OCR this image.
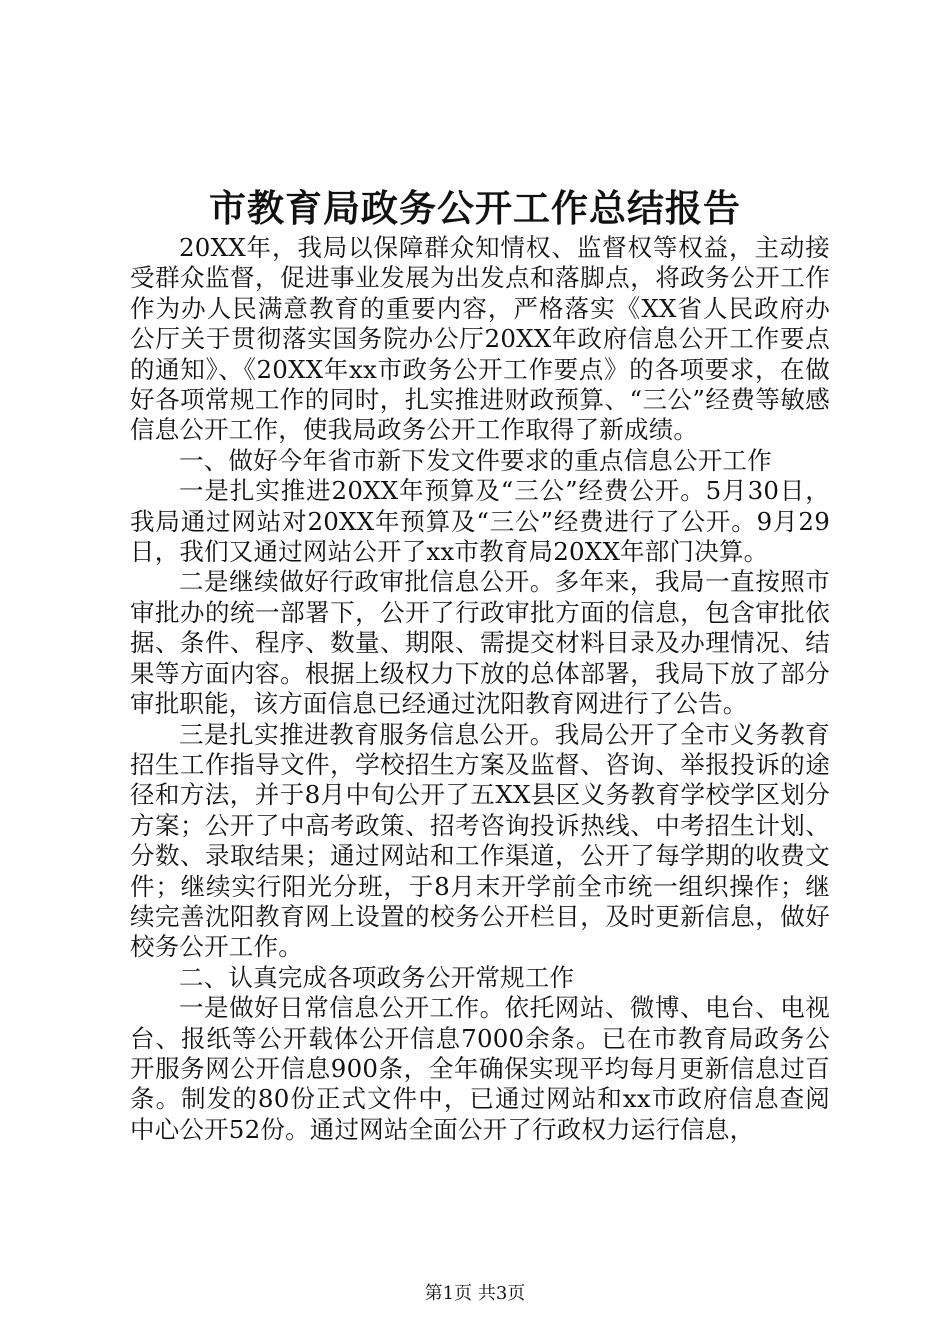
市教育局政务公开工作总结报告

20XX年，我局以保障群众知情权、监督权等权益，主动接受群众监督，促进事业发展为出发点和落脚点，将政务公开工作作为办人民满意教育的重要内容，严格落实《XX省人民政府办公厅关于贯彻落实国务院办公厅20XX年政府信息公开工作要点的通知》、《20XX年xx市政务公开工作要点》的各项要求，在做好各项常规工作的同时，扎实推进财政预算、“三公”经费等敏感信息公开工作，使我局政务公开工作取得了新成绩。

一、做好今年省市新下发文件要求的重点信息公开工作

一是扎实推进20XX年预算及“三公”经费公开。5月30日，我局通过网站对20XX年预算及“三公”经费进行了公开。9月29日，我们又通过网站公开了xx市教育局20XX年部门决算。

二是继续做好行政审批信息公开。多年来，我局一直按照市审批办的统一部署下，公开了行政审批方面的信息，包含审批依据、条件、程序、数量、期限、需提交材料目录及办理情况、结果等方面内容。根据上级权力下放的总体部署，我局下放了部分审批职能，该方面信息已经通过沈阳教育网进行了公告。

三是扎实推进教育服务信息公开。我局公开了全市义务教育招生工作指导文件，学校招生方案及监督、咨询、举报投诉的途径和方法，并于8月中旬公开了五XX县区义务教育学校学区划分方案；公开了中高考政策、招考咨询投诉热线、中考招生计划、分数、录取结果；通过网站和工作渠道，公开了每学期的收费文件；继续实行阳光分班，于8月末开学前全市统一组织操作；继续完善沈阳教育网上设置的校务公开栏目，及时更新信息，做好校务公开工作。

二、认真完成各项政务公开常规工作

一是做好日常信息公开工作。依托网站、微博、电台、电视台、报纸等公开载体公开信息7000余条。已在市教育局政务公开服务网公开信息900条，全年确保实现平均每月更新信息过百条。制发的80份正式文件中，已通过网站和xx市政府信息查阅中心公开52份。通过网站全面公开了行政权力运行信息，

第1页 共3页
